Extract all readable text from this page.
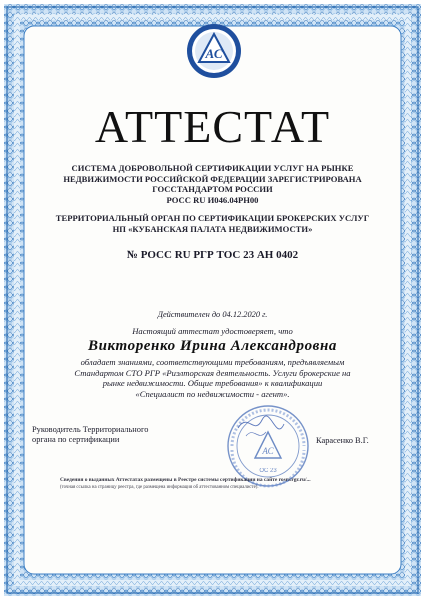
АС
АТТЕСТАТ
СИСТЕМА ДОБРОВОЛЬНОЙ СЕРТИФИКАЦИИ УСЛУГ НА РЫНКЕ
НЕДВИЖИМОСТИ РОССИЙСКОЙ ФЕДЕРАЦИИ ЗАРЕГИСТРИРОВАНА
ГОССТАНДАРТОМ РОССИИ
РОСС RU И046.04РН00
ТЕРРИТОРИАЛЬНЫЙ ОРГАН ПО СЕРТИФИКАЦИИ БРОКЕРСКИХ УСЛУГ
НП «КУБАНСКАЯ ПАЛАТА НЕДВИЖИМОСТИ»
№ РОСС RU РГР ТОС 23 АН 0402
Действителен до 04.12.2020 г.
Настоящий аттестат удостоверяет, что
Викторенко Ирина Александровна
обладает знаниями, соответствующими требованиям, предъявляемым
Стандартом СТО РГР «Риэлторская деятельность. Услуги брокерские на
рынке недвижимости. Общие требования» к квалификации
«Специалист по недвижимости - агент».
Руководитель Территориального
органа по сертификации
АС
ОС 23
Карасенко В.Г.
Сведения о выданных Аттестатах размещены в Реестре системы сертификации на сайте rosrr.rgr.ru/...
(точная ссылка на страницу реестра, где размещена информация об аттестованном специалисте).
